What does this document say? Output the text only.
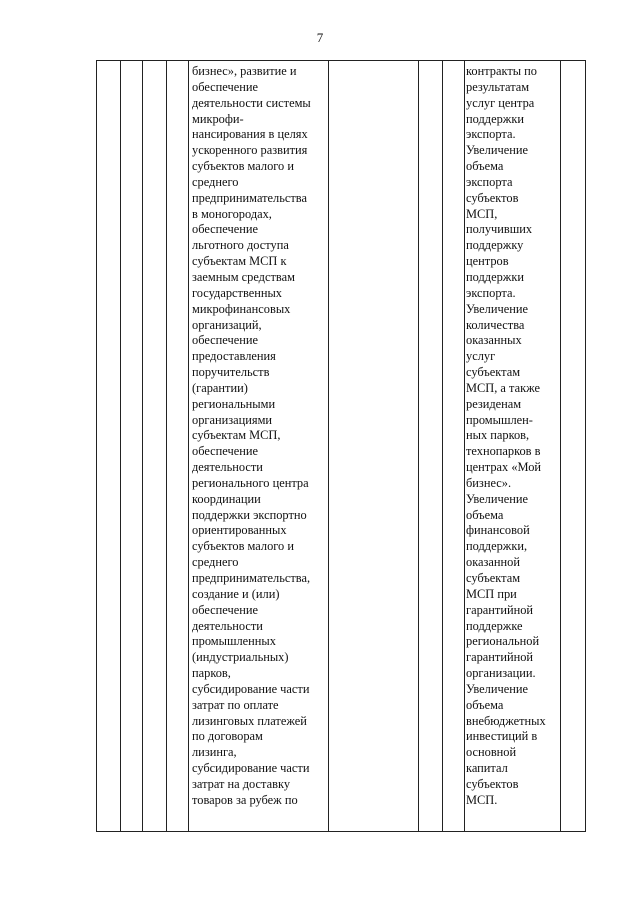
7
бизнес», развитие и
обеспечение
деятельности системы
микрофи-
нансирования в целях
ускоренного развития
субъектов малого и
среднего
предпринимательства
в моногородах,
обеспечение
льготного доступа
субъектам МСП к
заемным средствам
государственных
микрофинансовых
организаций,
обеспечение
предоставления
поручительств
(гарантии)
региональными
организациями
субъектам МСП,
обеспечение
деятельности
регионального центра
координации
поддержки экспортно
ориентированных
субъектов малого и
среднего
предпринимательства,
создание и (или)
обеспечение
деятельности
промышленных
(индустриальных)
парков,
субсидирование части
затрат по оплате
лизинговых платежей
по договорам
лизинга,
субсидирование части
затрат на доставку
товаров за рубеж по
контракты по
результатам
услуг центра
поддержки
экспорта.
Увеличение
объема
экспорта
субъектов
МСП,
получивших
поддержку
центров
поддержки
экспорта.
Увеличение
количества
оказанных
услуг
субъектам
МСП, а также
резиденам
промышлен-
ных парков,
технопарков в
центрах «Мой
бизнес».
Увеличение
объема
финансовой
поддержки,
оказанной
субъектам
МСП при
гарантийной
поддержке
региональной
гарантийной
организации.
Увеличение
объема
внебюджетных
инвестиций в
основной
капитал
субъектов
МСП.
